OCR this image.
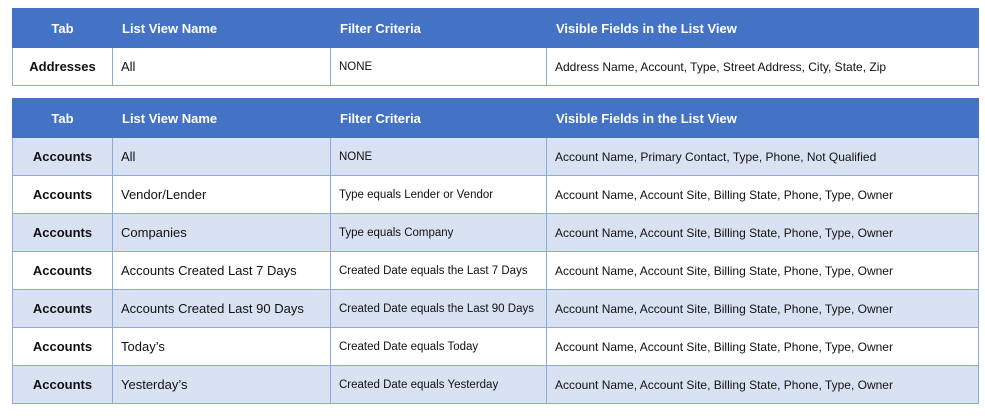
Tab	List View Name	Filter Criteria	Visible Fields in the List View
Addresses	All	NONE	Address Name, Account, Type, Street Address, City, State, Zip
Tab	List View Name	Filter Criteria	Visible Fields in the List View
Accounts	All	NONE	Account Name, Primary Contact, Type, Phone, Not Qualified
Accounts	Vendor/Lender	Type equals Lender or Vendor	Account Name, Account Site, Billing State, Phone, Type, Owner
Accounts	Companies	Type equals Company	Account Name, Account Site, Billing State, Phone, Type, Owner
Accounts	Accounts Created Last 7 Days	Created Date equals the Last 7 Days	Account Name, Account Site, Billing State, Phone, Type, Owner
Accounts	Accounts Created Last 90 Days	Created Date equals the Last 90 Days	Account Name, Account Site, Billing State, Phone, Type, Owner
Accounts	Today’s	Created Date equals Today	Account Name, Account Site, Billing State, Phone, Type, Owner
Accounts	Yesterday’s	Created Date equals Yesterday	Account Name, Account Site, Billing State, Phone, Type, Owner
